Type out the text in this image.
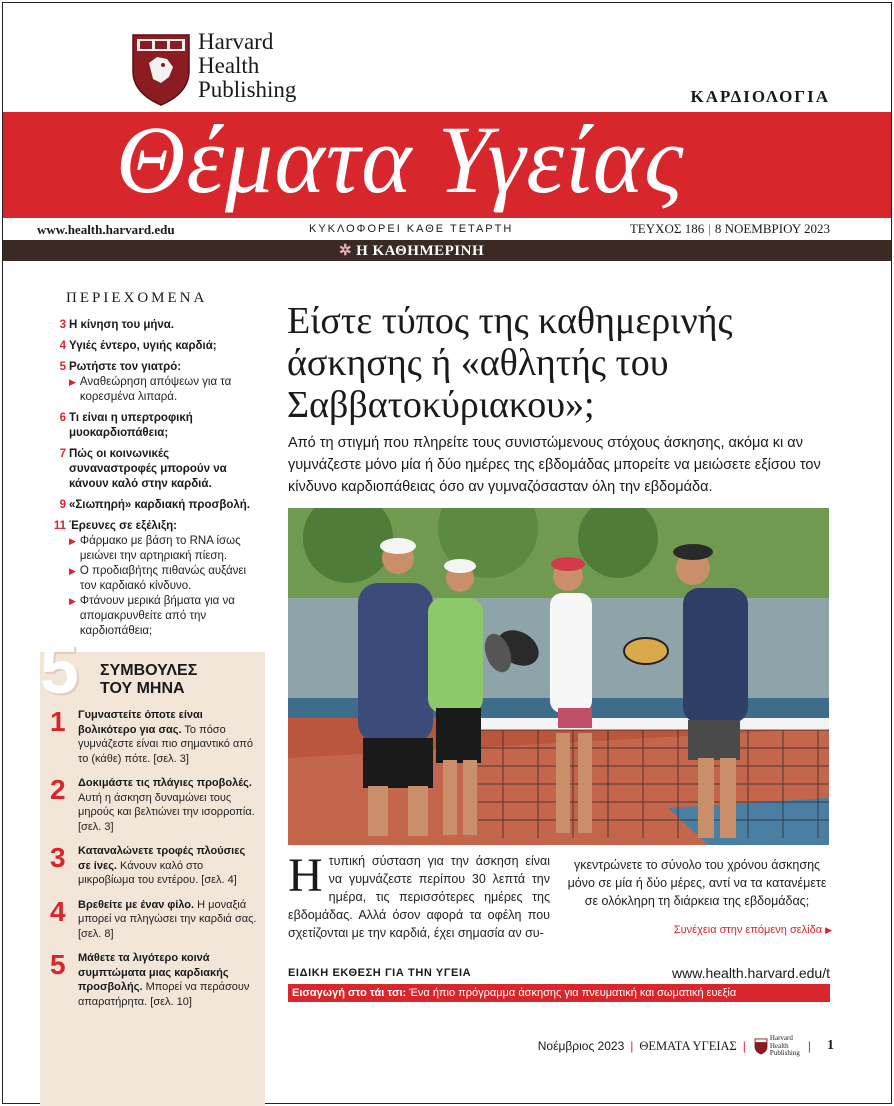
Harvard
Health
Publishing	ΚΑΡΔΙΟΛΟΓΙΑ
Θέματα Υγείας
www.health.harvard.edu	ΚΥΚΛΟΦΟΡΕΙ ΚΑΘΕ ΤΕΤΑΡΤΗ	ΤΕΥΧΟΣ 186 | 8 ΝΟΕΜΒΡΙΟΥ 2023
✲ Η ΚΑΘΗΜΕΡΙΝΗ
ΠΕΡΙΕΧΟΜΕΝΑ
3 Η κίνηση του μήνα.
4 Υγιές έντερο, υγιής καρδιά;
5 Ρωτήστε τον γιατρό:
▶ Αναθεώρηση απόψεων για τα κορεσμένα λιπαρά.
6 Τι είναι η υπερτροφική μυοκαρδιοπάθεια;
7 Πώς οι κοινωνικές συναναστροφές μπορούν να κάνουν καλό στην καρδιά.
9 «Σιωπηρή» καρδιακή προσβολή.
11 Έρευνες σε εξέλιξη:
▶ Φάρμακο με βάση το RNA ίσως μειώνει την αρτηριακή πίεση.
▶ Ο προδιαβήτης πιθανώς αυξάνει τον καρδιακό κίνδυνο.
▶ Φτάνουν μερικά βήματα για να απομακρυνθείτε από την καρδιοπάθεια;
5 ΣΥΜΒΟΥΛΕΣ
ΤΟΥ ΜΗΝΑ
1	Γυμναστείτε όποτε είναι βολικότερο για σας. Το πόσο γυμνάζεστε είναι πιο σημαντικό από το (κάθε) πότε. [σελ. 3]
2	Δοκιμάστε τις πλάγιες προβολές. Αυτή η άσκηση δυναμώνει τους μηρούς και βελτιώνει την ισορροπία. [σελ. 3]
3	Καταναλώνετε τροφές πλούσιες σε ίνες. Κάνουν καλό στο μικροβίωμα του εντέρου. [σελ. 4]
4	Βρεθείτε με έναν φίλο. Η μοναξιά μπορεί να πληγώσει την καρδιά σας. [σελ. 8]
5	Μάθετε τα λιγότερο κοινά συμπτώματα μιας καρδιακής προσβολής. Μπορεί να περάσουν απαρατήρητα. [σελ. 10]
Είστε τύπος της καθημερινής άσκησης ή «αθλητής του Σαββατοκύριακου»;
Από τη στιγμή που πληρείτε τους συνιστώμενους στόχους άσκησης, ακόμα κι αν γυμνάζεστε μόνο μία ή δύο ημέρες της εβδομάδας μπορείτε να μειώσετε εξίσου τον κίνδυνο καρδιοπάθειας όσο αν γυμναζόσασταν όλη την εβδομάδα.
Ητυπική σύσταση για την άσκηση είναι να γυμνάζεστε περίπου 30 λεπτά την ημέρα, τις περισσότερες ημέρες της εβδομάδας. Αλλά όσον αφορά τα οφέλη που σχετίζονται με την καρδιά, έχει σημασία αν συ-
γκεντρώνετε το σύνολο του χρόνου άσκησης μόνο σε μία ή δύο μέρες, αντί να τα κατανέμετε σε ολόκληρη τη διάρκεια της εβδομάδας;
Συνέχεια στην επόμενη σελίδα ▶
ΕΙΔΙΚΗ ΕΚΘΕΣΗ ΓΙΑ ΤΗΝ ΥΓΕΙΑ	www.health.harvard.edu/t
Εισαγωγή στο τάι τσι: Ένα ήπιο πρόγραμμα άσκησης για πνευματική και σωματική ευεξία
Νοέμβριος 2023 | ΘΕΜΑΤΑ ΥΓΕΙΑΣ |
Harvard
Health
Publishing | 1
